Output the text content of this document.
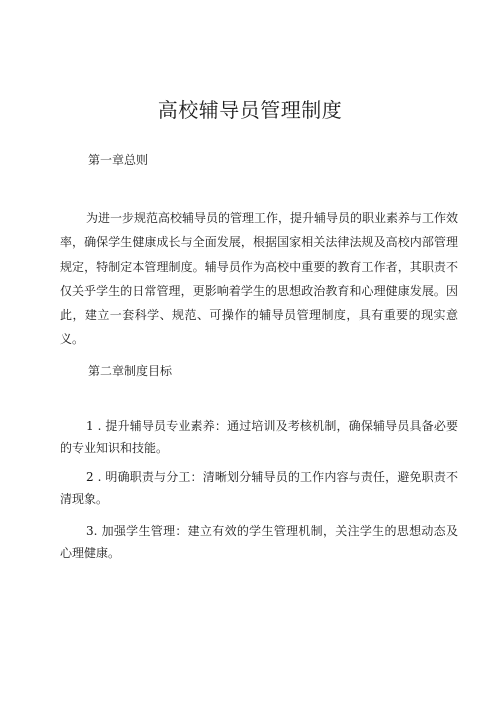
高校辅导员管理制度
第一章总则

为进一步规范高校辅导员的管理工作，提升辅导员的职业素养与工作效率，确保学生健康成长与全面发展，根据国家相关法律法规及高校内部管理规定，特制定本管理制度。辅导员作为高校中重要的教育工作者，其职责不仅关乎学生的日常管理，更影响着学生的思想政治教育和心理健康发展。因此，建立一套科学、规范、可操作的辅导员管理制度，具有重要的现实意义。

第二章制度目标

1 . 提升辅导员专业素养：通过培训及考核机制，确保辅导员具备必要的专业知识和技能。

2 . 明确职责与分工：清晰划分辅导员的工作内容与责任，避免职责不清现象。

3. 加强学生管理：建立有效的学生管理机制，关注学生的思想动态及心理健康。
